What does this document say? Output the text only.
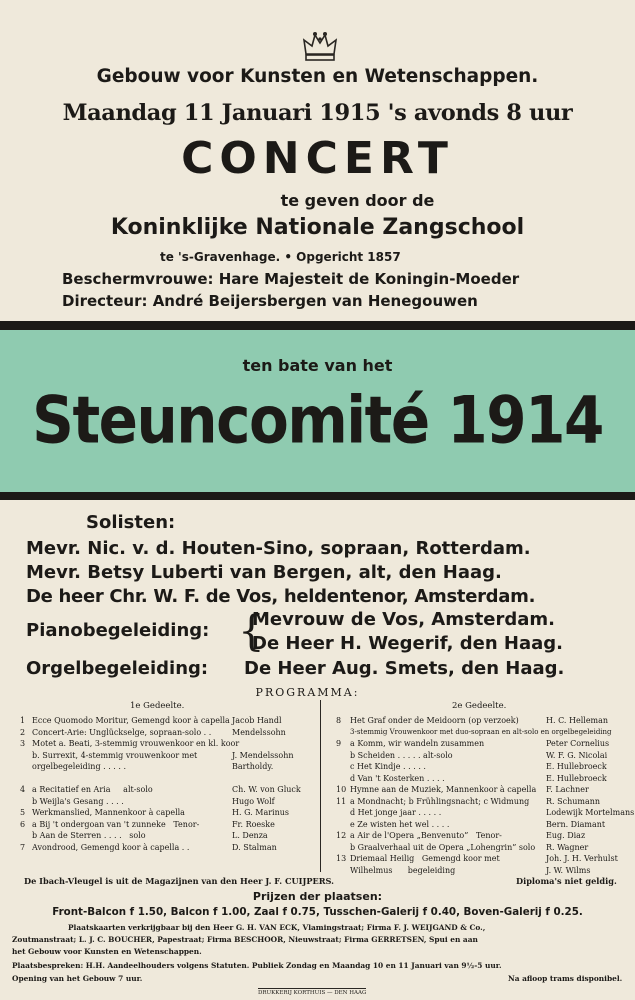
Gebouw voor Kunsten en Wetenschappen.
Maandag 11 Januari 1915 's avonds 8 uur
CONCERT
te geven door de
Koninklijke Nationale Zangschool
te 's-Gravenhage. • Opgericht 1857
Beschermvrouwe: Hare Majesteit de Koningin-Moeder
Directeur: André Beijersbergen van Henegouwen
ten bate van het
Steuncomité 1914
Solisten:
Mevr. Nic. v. d. Houten-Sino, sopraan, Rotterdam.
Mevr. Betsy Luberti van Bergen, alt, den Haag.
De heer Chr. W. F. de Vos, heldentenor, Amsterdam.
Pianobegeleiding: {
Mevrouw de Vos, Amsterdam.
De Heer H. Wegerif, den Haag.
Orgelbegeleiding: De Heer Aug. Smets, den Haag.
PROGRAMMA:
1e Gedeelte.	2e Gedeelte.
1 Ecce Quomodo Moritur, Gemengd koor à capella Jacob Handl
2 Concert-Arie: Unglückselge, sopraan-solo . .	Mendelssohn
3 Motet a. Beati, 3-stemmig vrouwenkoor en kl. koor
b. Surrexit, 4-stemmig vrouwenkoor met	J. Mendelssohn
orgelbegeleiding . . . . .	Bartholdy.
4 a Recitatief en Aria     alt-solo	Ch. W. von Gluck
b Weijla's Gesang . . . .	Hugo Wolf
5 Werkmanslied, Mannenkoor à capella	H. G. Marinus
6 a Bij 't ondergoan van 't zunneke   Tenor-	Fr. Roeske
b Aan de Sterren . . . .   solo	L. Denza
7 Avondrood, Gemengd koor à capella . .	D. Stalman
8 Het Graf onder de Meidoorn (op verzoek)	H. C. Helleman
3-stemmig Vrouwenkoor met duo-sopraan en alt-solo en orgelbegeleiding
9 a Komm, wir wandeln zusammen	Peter Cornelius
b Scheiden . . . . . alt-solo	W. F. G. Nicolai
c Het Kindje . . . . .	E. Hullebroeck
d Van 't Kosterken . . . .	E. Hullebroeck
10 Hymne aan de Muziek, Mannenkoor à capella F. Lachner
11 a Mondnacht; b Frühlingsnacht; c Widmung R. Schumann
d Het jonge jaar . . . . .	Lodewijk Mortelmans
e Ze wisten het wel . . . .	Bern. Diamant
12 a Air de l'Opera „Benvenuto”   Tenor-	Eug. Diaz
b Graalverhaal uit de Opera „Lohengrin” solo R. Wagner
13 Driemaal Heilig   Gemengd koor met	Joh. J. H. Verhulst
Wilhelmus      begeleiding	J. W. Wilms
De Ibach-Vleugel is uit de Magazijnen van den Heer J. F. CUIJPERS.	Diploma's niet geldig.
Prijzen der plaatsen:
Front-Balcon f 1.50, Balcon f 1.00, Zaal f 0.75, Tusschen-Galerij f 0.40, Boven-Galerij f 0.25.
Plaatskaarten verkrijgbaar bij den Heer G. H. VAN ECK, Vlamingstraat; Firma F. J. WEIJGAND & Co.,
Zoutmanstraat; L. J. C. BOUCHER, Papestraat; Firma BESCHOOR, Nieuwstraat; Firma GERRETSEN, Spui en aan
het Gebouw voor Kunsten en Wetenschappen.
Plaatsbespreken: H.H. Aandeelhouders volgens Statuten. Publiek Zondag en Maandag 10 en 11 Januari van 9½-5 uur.
Opening van het Gebouw 7 uur.	Na afloop trams disponibel.
DRUKKERIJ KORTHUIS — DEN HAAG
